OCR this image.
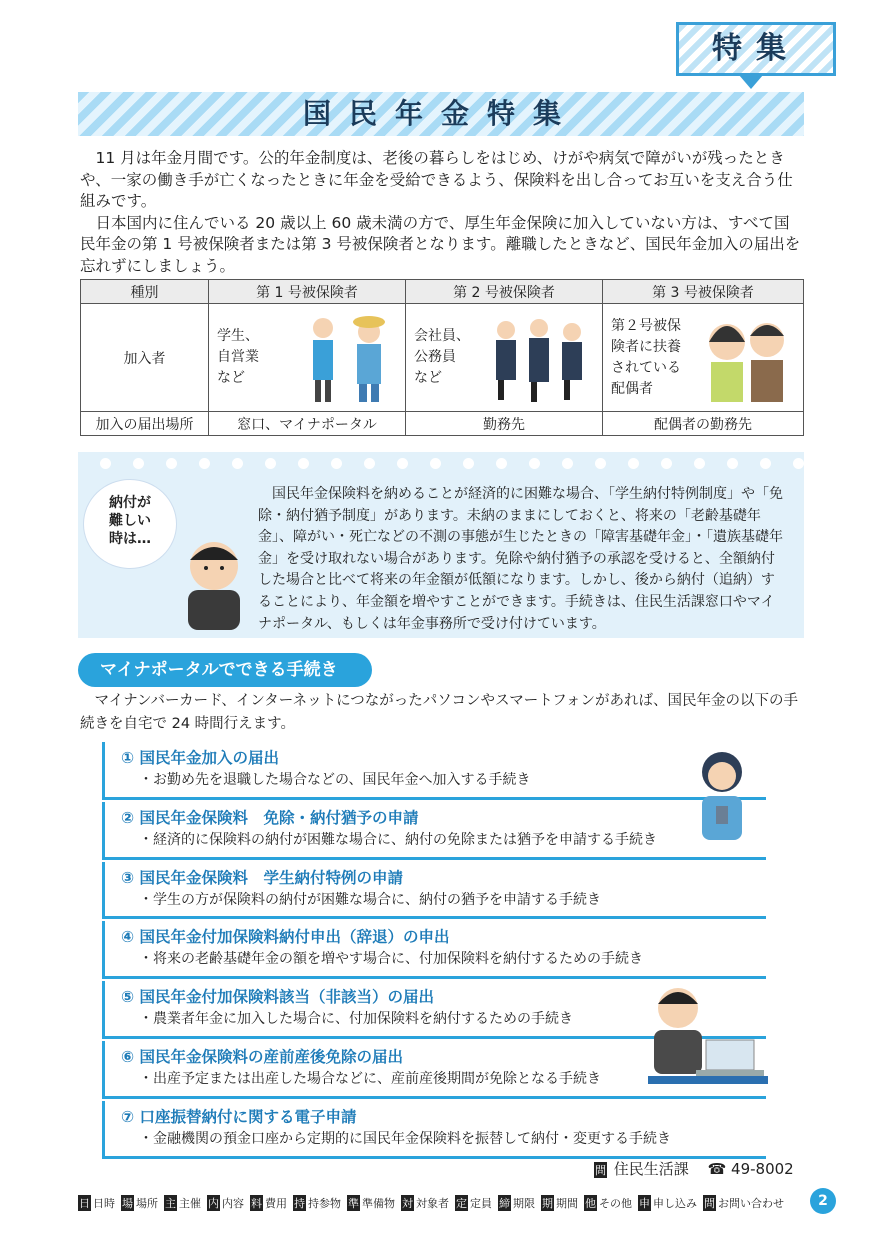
特集
国民年金特集

11 月は年金月間です。公的年金制度は、老後の暮らしをはじめ、けがや病気で障がいが残ったときや、一家の働き手が亡くなったときに年金を受給できるよう、保険料を出し合ってお互いを支え合う仕組みです。

日本国内に住んでいる 20 歳以上 60 歳未満の方で、厚生年金保険に加入していない方は、すべて国民年金の第 1 号被保険者または第 3 号被保険者となります。離職したときなど、国民年金加入の届出を忘れずにしましょう。

種別	第 1 号被保険者	第 2 号被保険者	第 3 号被保険者
加入者	学生、
自営業
など	会社員、
公務員
など	第２号被保
険者に扶養
されている
配偶者

加入の届出場所	窓口、マイナポータル	勤務先	配偶者の勤務先
納付が
難しい
時は…

国民年金保険料を納めることが経済的に困難な場合、「学生納付特例制度」や「免除・納付猶予制度」があります。未納のままにしておくと、将来の「老齢基礎年金」、障がい・死亡などの不測の事態が生じたときの「障害基礎年金」・「遺族基礎年金」を受け取れない場合があります。免除や納付猶予の承認を受けると、全額納付した場合と比べて将来の年金額が低額になります。しかし、後から納付（追納）することにより、年金額を増やすことができます。手続きは、住民生活課窓口やマイナポータル、もしくは年金事務所で受け付けています。

マイナポータルでできる手続き

マイナンバーカード、インターネットにつながったパソコンやスマートフォンがあれば、国民年金の以下の手続きを自宅で 24 時間行えます。

① 国民年金加入の届出
・お勤め先を退職した場合などの、国民年金へ加入する手続き
② 国民年金保険料　免除・納付猶予の申請
・経済的に保険料の納付が困難な場合に、納付の免除または猶予を申請する手続き
③ 国民年金保険料　学生納付特例の申請
・学生の方が保険料の納付が困難な場合に、納付の猶予を申請する手続き
④ 国民年金付加保険料納付申出（辞退）の申出
・将来の老齢基礎年金の額を増やす場合に、付加保険料を納付するための手続き
⑤ 国民年金付加保険料該当（非該当）の届出
・農業者年金に加入した場合に、付加保険料を納付するための手続き
⑥ 国民年金保険料の産前産後免除の届出
・出産予定または出産した場合などに、産前産後期間が免除となる手続き
⑦ 口座振替納付に関する電子申請
・金融機関の預金口座から定期的に国民年金保険料を振替して納付・変更する手続き
問 住民生活課 ☎ 49‑8002
日 日時 場 場所 主 主催 内 内容 料 費用 持 持参物 準 準備物 対 対象者 定 定員 締 期限 期 期間 他 その他 申 申し込み 問 お問い合わせ	2
